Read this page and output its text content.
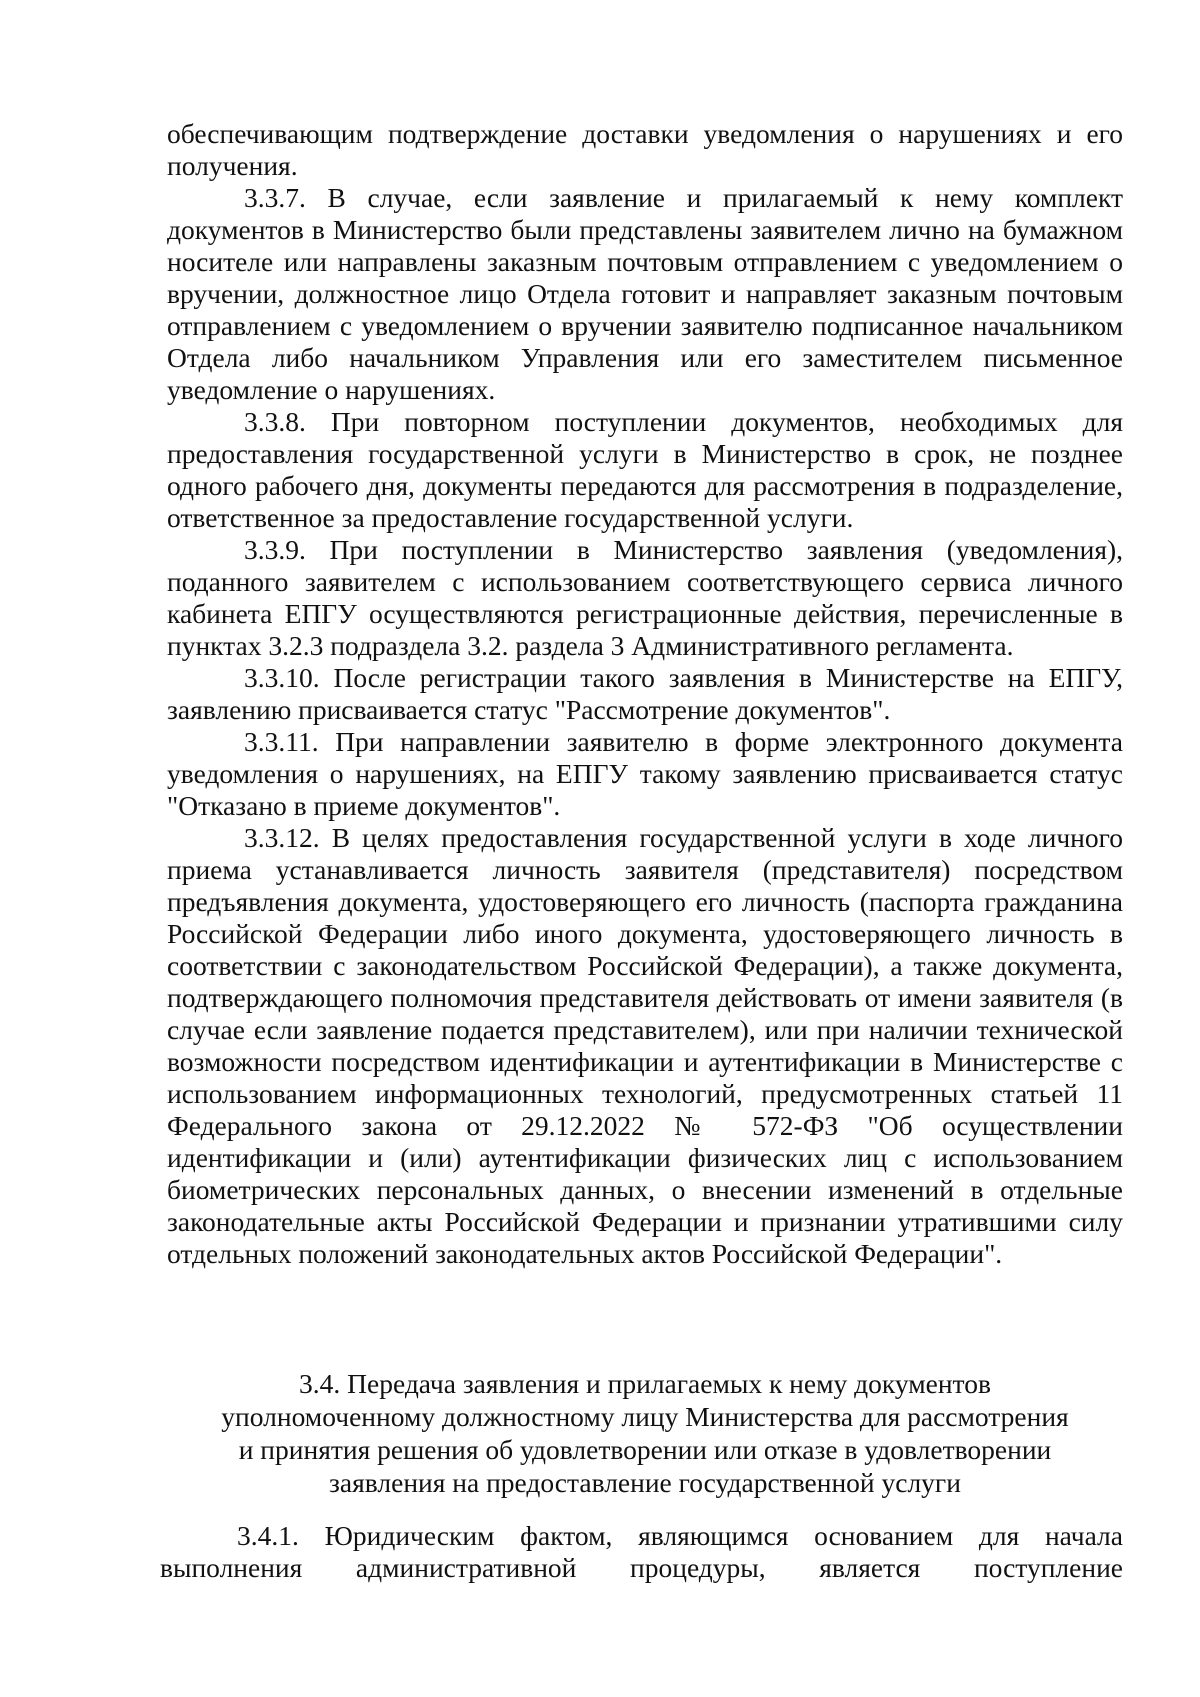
обеспечивающим подтверждение доставки уведомления о нарушениях и его получения.

3.3.7. В случае, если заявление и прилагаемый к нему комплект документов в Министерство были представлены заявителем лично на бумажном носителе или направлены заказным почтовым отправлением с уведомлением о вручении, должностное лицо Отдела готовит и направляет заказным почтовым отправлением с уведомлением о вручении заявителю подписанное начальником Отдела либо начальником Управления или его заместителем письменное уведомление о нарушениях.

3.3.8. При повторном поступлении документов, необходимых для предоставления государственной услуги в Министерство в срок, не позднее одного рабочего дня, документы передаются для рассмотрения в подразделение, ответственное за предоставление государственной услуги.

3.3.9. При поступлении в Министерство заявления (уведомления), поданного заявителем с использованием соответствующего сервиса личного кабинета ЕПГУ осуществляются регистрационные действия, перечисленные в пунктах 3.2.3 подраздела 3.2. раздела 3 Административного регламента.

3.3.10. После регистрации такого заявления в Министерстве на ЕПГУ, заявлению присваивается статус "Рассмотрение документов".

3.3.11. При направлении заявителю в форме электронного документа уведомления о нарушениях, на ЕПГУ такому заявлению присваивается статус "Отказано в приеме документов".

3.3.12. В целях предоставления государственной услуги в ходе личного приема устанавливается личность заявителя (представителя) посредством предъявления документа, удостоверяющего его личность (паспорта гражданина Российской Федерации либо иного документа, удостоверяющего личность в соответствии с законодательством Российской Федерации), а также документа, подтверждающего полномочия представителя действовать от имени заявителя (в случае если заявление подается представителем), или при наличии технической возможности посредством идентификации и аутентификации в Министерстве с использованием информационных технологий, предусмотренных статьей 11 Федерального закона от 29.12.2022 № 572-ФЗ "Об осуществлении идентификации и (или) аутентификации физических лиц с использованием биометрических персональных данных, о внесении изменений в отдельные законодательные акты Российской Федерации и признании утратившими силу отдельных положений законодательных актов Российской Федерации".

3.4. Передача заявления и прилагаемых к нему документов
уполномоченному должностному лицу Министерства для рассмотрения
и принятия решения об удовлетворении или отказе в удовлетворении
заявления на предоставление государственной услуги

3.4.1. Юридическим фактом, являющимся основанием для начала выполнения административной процедуры, является поступление
